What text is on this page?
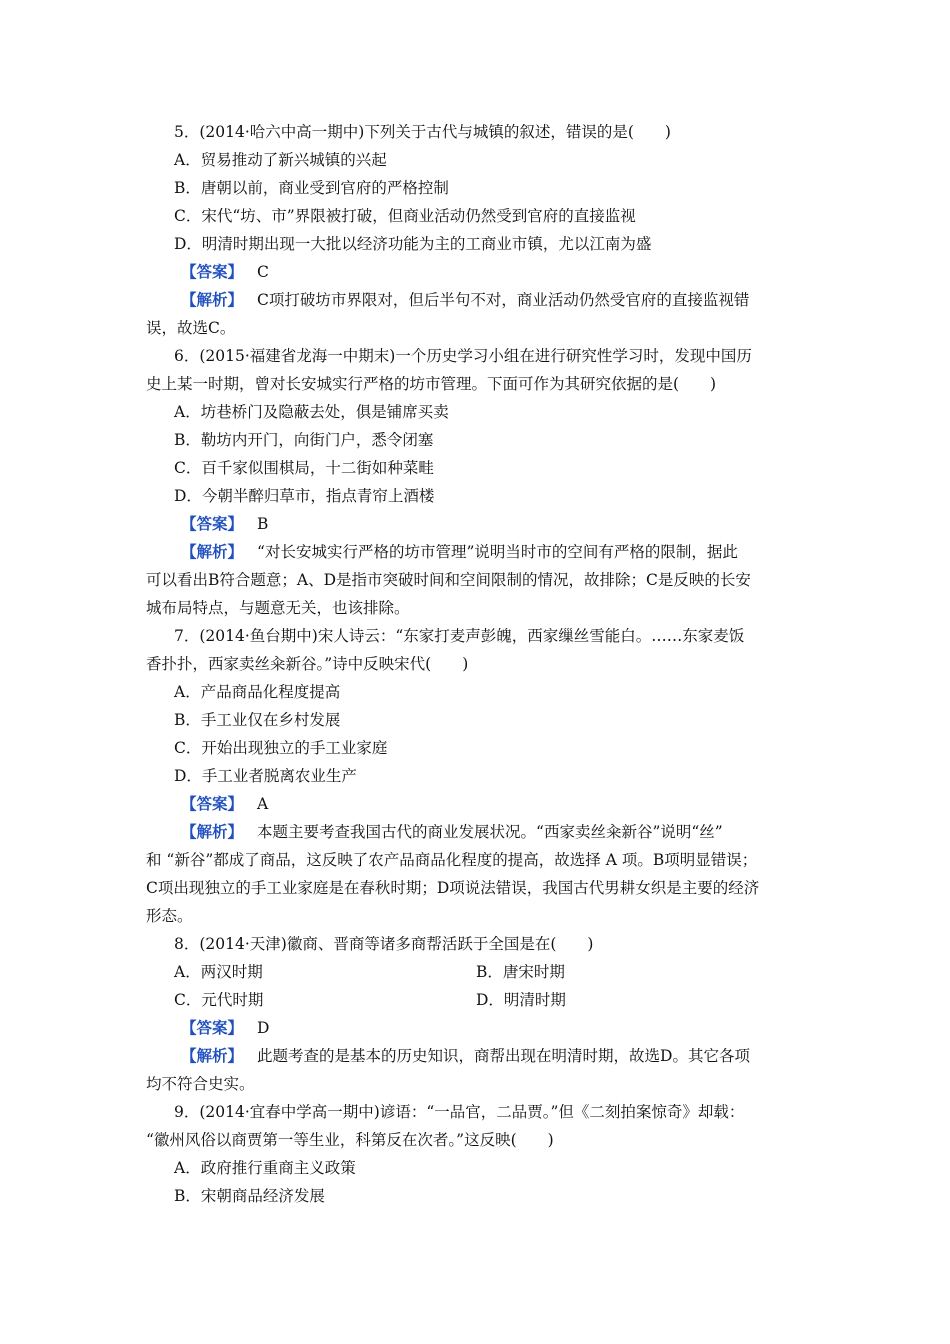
5．(2014·哈六中高一期中)下列关于古代与城镇的叙述，错误的是(　　)
A．贸易推动了新兴城镇的兴起
B．唐朝以前，商业受到官府的严格控制
C．宋代“坊、市”界限被打破，但商业活动仍然受到官府的直接监视
D．明清时期出现一大批以经济功能为主的工商业市镇，尤以江南为盛
【答案】 C
【解析】 C项打破坊市界限对，但后半句不对，商业活动仍然受官府的直接监视错
误，故选C。
6．(2015·福建省龙海一中期末)一个历史学习小组在进行研究性学习时，发现中国历
史上某一时期，曾对长安城实行严格的坊市管理。下面可作为其研究依据的是(　　)
A．坊巷桥门及隐蔽去处，俱是铺席买卖
B．勒坊内开门，向街门户，悉令闭塞
C．百千家似围棋局，十二街如种菜畦
D．今朝半醉归草市，指点青帘上酒楼
【答案】 B
【解析】 “对长安城实行严格的坊市管理”说明当时市的空间有严格的限制，据此
可以看出B符合题意；A、D是指市突破时间和空间限制的情况，故排除；C是反映的长安
城布局特点，与题意无关，也该排除。
7．(2014·鱼台期中)宋人诗云：“东家打麦声彭魄，西家缫丝雪能白。……东家麦饭
香扑扑，西家卖丝籴新谷。”诗中反映宋代(　　)
A．产品商品化程度提高
B．手工业仅在乡村发展
C．开始出现独立的手工业家庭
D．手工业者脱离农业生产
【答案】 A
【解析】 本题主要考查我国古代的商业发展状况。“西家卖丝籴新谷”说明“丝”
和 “新谷”都成了商品，这反映了农产品商品化程度的提高，故选择 A 项。B项明显错误；
C项出现独立的手工业家庭是在春秋时期；D项说法错误，我国古代男耕女织是主要的经济
形态。
8．(2014·天津)徽商、晋商等诸多商帮活跃于全国是在(　　)
A．两汉时期	B．唐宋时期
C．元代时期	D．明清时期
【答案】 D
【解析】 此题考查的是基本的历史知识，商帮出现在明清时期，故选D。其它各项
均不符合史实。
9．(2014·宜春中学高一期中)谚语：“一品官，二品贾。”但《二刻拍案惊奇》却载：
“徽州风俗以商贾第一等生业，科第反在次者。”这反映(　　)
A．政府推行重商主义政策
B．宋朝商品经济发展
